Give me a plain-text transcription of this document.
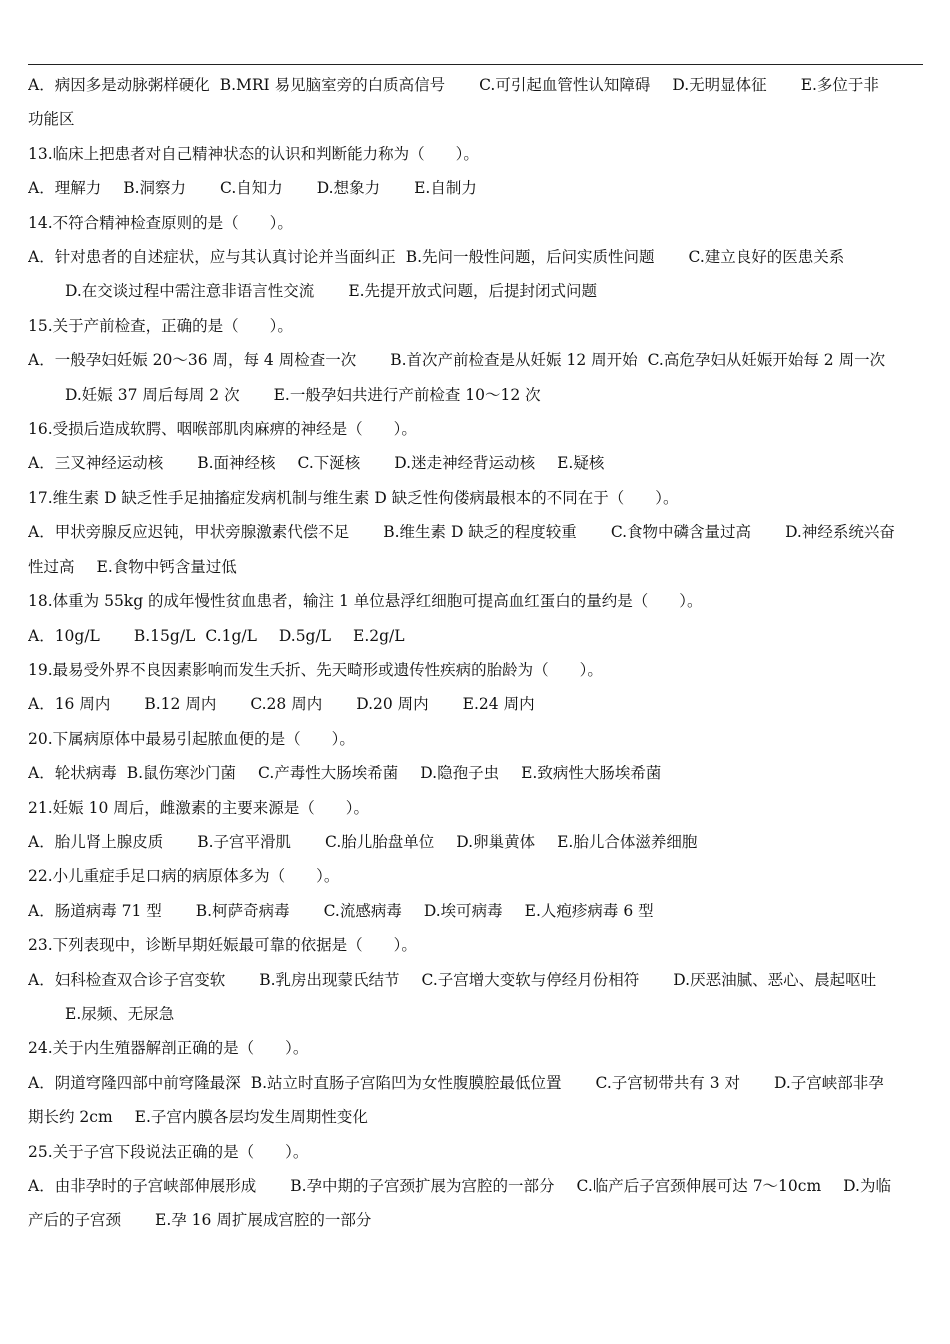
A．病因多是动脉粥样硬化 B.MRI 易见脑室旁的白质高信号 C.可引起血管性认知障碍 D.无明显体征 E.多位于非
功能区
13.临床上把患者对自己精神状态的认识和判断能力称为（　　）。
A．理解力 B.洞察力 C.自知力 D.想象力 E.自制力
14.不符合精神检查原则的是（　　）。
A．针对患者的自述症状，应与其认真讨论并当面纠正 B.先问一般性问题，后问实质性问题 C.建立良好的医患关系
D.在交谈过程中需注意非语言性交流 E.先提开放式问题，后提封闭式问题
15.关于产前检查，正确的是（　　）。
A．一般孕妇妊娠 20～36 周，每 4 周检查一次 B.首次产前检查是从妊娠 12 周开始 C.高危孕妇从妊娠开始每 2 周一次
D.妊娠 37 周后每周 2 次 E.一般孕妇共进行产前检查 10～12 次
16.受损后造成软腭、咽喉部肌肉麻痹的神经是（　　）。
A．三叉神经运动核 B.面神经核 C.下涎核 D.迷走神经背运动核 E.疑核
17.维生素 D 缺乏性手足抽搐症发病机制与维生素 D 缺乏性佝偻病最根本的不同在于（　　）。
A．甲状旁腺反应迟钝，甲状旁腺激素代偿不足 B.维生素 D 缺乏的程度较重 C.食物中磷含量过高 D.神经系统兴奋
性过高 E.食物中钙含量过低
18.体重为 55kg 的成年慢性贫血患者，输注 1 单位悬浮红细胞可提高血红蛋白的量约是（　　）。
A．10g/L B.15g/L C.1g/L D.5g/L E.2g/L
19.最易受外界不良因素影响而发生夭折、先天畸形或遗传性疾病的胎龄为（　　）。
A．16 周内 B.12 周内 C.28 周内 D.20 周内 E.24 周内
20.下属病原体中最易引起脓血便的是（　　）。
A．轮状病毒 B.鼠伤寒沙门菌 C.产毒性大肠埃希菌 D.隐孢子虫 E.致病性大肠埃希菌
21.妊娠 10 周后，雌激素的主要来源是（　　）。
A．胎儿肾上腺皮质 B.子宫平滑肌 C.胎儿胎盘单位 D.卵巢黄体 E.胎儿合体滋养细胞
22.小儿重症手足口病的病原体多为（　　）。
A．肠道病毒 71 型 B.柯萨奇病毒 C.流感病毒 D.埃可病毒 E.人疱疹病毒 6 型
23.下列表现中，诊断早期妊娠最可靠的依据是（　　）。
A．妇科检查双合诊子宫变软 B.乳房出现蒙氏结节 C.子宫增大变软与停经月份相符 D.厌恶油腻、恶心、晨起呕吐
E.尿频、无尿急
24.关于内生殖器解剖正确的是（　　）。
A．阴道穹隆四部中前穹隆最深 B.站立时直肠子宫陷凹为女性腹膜腔最低位置 C.子宫韧带共有 3 对 D.子宫峡部非孕
期长约 2cm E.子宫内膜各层均发生周期性变化
25.关于子宫下段说法正确的是（　　）。
A．由非孕时的子宫峡部伸展形成 B.孕中期的子宫颈扩展为宫腔的一部分 C.临产后子宫颈伸展可达 7～10cm D.为临
产后的子宫颈 E.孕 16 周扩展成宫腔的一部分
